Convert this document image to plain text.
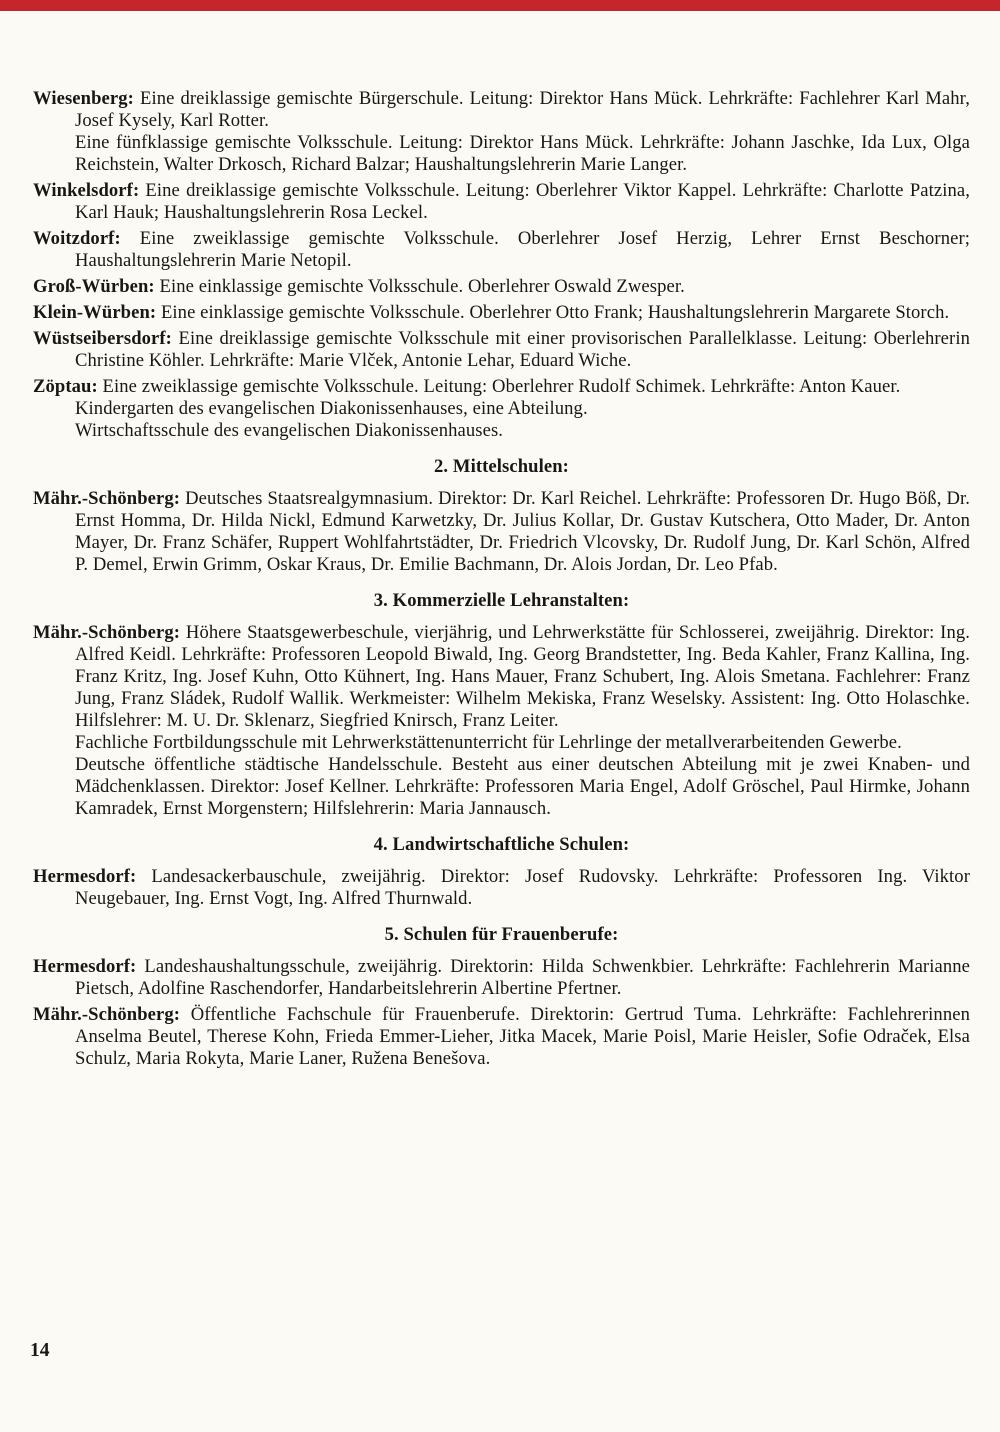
Wiesenberg: Eine dreiklassige gemischte Bürgerschule. Leitung: Direktor Hans Mück. Lehrkräfte: Fachlehrer Karl Mahr, Josef Kysely, Karl Rotter.

Eine fünfklassige gemischte Volksschule. Leitung: Direktor Hans Mück. Lehrkräfte: Johann Jaschke, Ida Lux, Olga Reichstein, Walter Drkosch, Richard Balzar; Haushaltungslehrerin Marie Langer.

Winkelsdorf: Eine dreiklassige gemischte Volksschule. Leitung: Oberlehrer Viktor Kappel. Lehrkräfte: Charlotte Patzina, Karl Hauk; Haushaltungslehrerin Rosa Leckel.

Woitzdorf: Eine zweiklassige gemischte Volksschule. Oberlehrer Josef Herzig, Lehrer Ernst Beschorner; Haushaltungslehrerin Marie Netopil.

Groß-Würben: Eine einklassige gemischte Volksschule. Oberlehrer Oswald Zwesper.

Klein-Würben: Eine einklassige gemischte Volksschule. Oberlehrer Otto Frank; Haushaltungslehrerin Margarete Storch.

Wüstseibersdorf: Eine dreiklassige gemischte Volksschule mit einer provisorischen Parallelklasse. Leitung: Oberlehrerin Christine Köhler. Lehrkräfte: Marie Vlček, Antonie Lehar, Eduard Wiche.

Zöptau: Eine zweiklassige gemischte Volksschule. Leitung: Oberlehrer Rudolf Schimek. Lehrkräfte: Anton Kauer.

Kindergarten des evangelischen Diakonissenhauses, eine Abteilung.

Wirtschaftsschule des evangelischen Diakonissenhauses.

2. Mittelschulen:

Mähr.-Schönberg: Deutsches Staatsrealgymnasium. Direktor: Dr. Karl Reichel. Lehrkräfte: Professoren Dr. Hugo Böß, Dr. Ernst Homma, Dr. Hilda Nickl, Edmund Karwetzky, Dr. Julius Kollar, Dr. Gustav Kutschera, Otto Mader, Dr. Anton Mayer, Dr. Franz Schäfer, Ruppert Wohlfahrtstädter, Dr. Friedrich Vlcovsky, Dr. Rudolf Jung, Dr. Karl Schön, Alfred P. Demel, Erwin Grimm, Oskar Kraus, Dr. Emilie Bachmann, Dr. Alois Jordan, Dr. Leo Pfab.

3. Kommerzielle Lehranstalten:

Mähr.-Schönberg: Höhere Staatsgewerbeschule, vierjährig, und Lehrwerkstätte für Schlosserei, zweijährig. Direktor: Ing. Alfred Keidl. Lehrkräfte: Professoren Leopold Biwald, Ing. Georg Brandstetter, Ing. Beda Kahler, Franz Kallina, Ing. Franz Kritz, Ing. Josef Kuhn, Otto Kühnert, Ing. Hans Mauer, Franz Schubert, Ing. Alois Smetana. Fachlehrer: Franz Jung, Franz Sládek, Rudolf Wallik. Werkmeister: Wilhelm Mekiska, Franz Weselsky. Assistent: Ing. Otto Holaschke. Hilfslehrer: M. U. Dr. Sklenarz, Siegfried Knirsch, Franz Leiter.

Fachliche Fortbildungsschule mit Lehrwerkstättenunterricht für Lehrlinge der metallverarbeitenden Gewerbe.

Deutsche öffentliche städtische Handelsschule. Besteht aus einer deutschen Abteilung mit je zwei Knaben- und Mädchenklassen. Direktor: Josef Kellner. Lehrkräfte: Professoren Maria Engel, Adolf Gröschel, Paul Hirmke, Johann Kamradek, Ernst Morgenstern; Hilfslehrerin: Maria Jannausch.

4. Landwirtschaftliche Schulen:

Hermesdorf: Landesackerbauschule, zweijährig. Direktor: Josef Rudovsky. Lehrkräfte: Professoren Ing. Viktor Neugebauer, Ing. Ernst Vogt, Ing. Alfred Thurnwald.

5. Schulen für Frauenberufe:

Hermesdorf: Landeshaushaltungsschule, zweijährig. Direktorin: Hilda Schwenkbier. Lehrkräfte: Fachlehrerin Marianne Pietsch, Adolfine Raschendorfer, Handarbeitslehrerin Albertine Pfertner.

Mähr.-Schönberg: Öffentliche Fachschule für Frauenberufe. Direktorin: Gertrud Tuma. Lehrkräfte: Fachlehrerinnen Anselma Beutel, Therese Kohn, Frieda Emmer-Lieher, Jitka Macek, Marie Poisl, Marie Heisler, Sofie Odraček, Elsa Schulz, Maria Rokyta, Marie Laner, Ružena Benešova.

14
